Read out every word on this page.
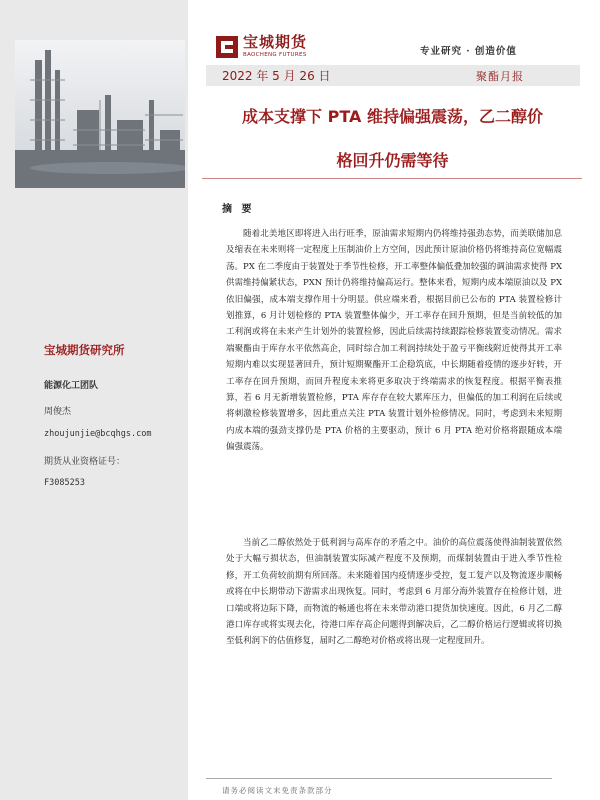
宝城期货研究所
能源化工团队
周俊杰
zhoujunjie@bcqhgs.com
期货从业资格证号：
F3085253
宝城期货
BAOCHENG FUTURES	专业研究 · 创造价值
2022 年 5 月 26 日	聚酯月报
成本支撑下 PTA 维持偏强震荡，乙二醇价
格回升仍需等待
摘 要

随着北美地区即将进入出行旺季，原油需求短期内仍将维持强劲态势，而美联储加息及缩表在未来则将一定程度上压制油价上方空间，因此预计原油价格仍将维持高位宽幅震荡。PX 在二季度由于装置处于季节性检修，开工率整体偏低叠加较强的调油需求使得 PX 供需维持偏紧状态，PXN 预计仍将维持偏高运行。整体来看，短期内成本端原油以及 PX 依旧偏强，成本端支撑作用十分明显。供应端来看，根据目前已公布的 PTA 装置检修计划推算，6 月计划检修的 PTA 装置整体偏少，开工率存在回升预期，但是当前较低的加工利润或将在未来产生计划外的装置检修，因此后续需持续跟踪检修装置变动情况。需求端聚酯由于库存水平依然高企，同时综合加工利润持续处于盈亏平衡线附近使得其开工率短期内难以实现显著回升，预计短期聚酯开工企稳筑底，中长期随着疫情的逐步好转，开工率存在回升预期，而回升程度未来将更多取决于终端需求的恢复程度。根据平衡表推算，若 6 月无新增装置检修，PTA 库存存在较大累库压力，但偏低的加工利润在后续或将刺激检修装置增多，因此重点关注 PTA 装置计划外检修情况。同时，考虑到未来短期内成本端的强劲支撑仍是 PTA 价格的主要驱动，预计 6 月 PTA 绝对价格将跟随成本端偏强震荡。

当前乙二醇依然处于低利润与高库存的矛盾之中。油价的高位震荡使得油制装置依然处于大幅亏损状态，但油制装置实际减产程度不及预期，而煤制装置由于进入季节性检修，开工负荷较前期有所回落。未来随着国内疫情逐步受控，复工复产以及物流逐步顺畅或将在中长期带动下游需求出现恢复。同时，考虑到 6 月部分海外装置存在检修计划，进口端或将边际下降，而物流的畅通也将在未来带动港口提货加快速度。因此，6 月乙二醇港口库存或将实现去化，待港口库存高企问题得到解决后，乙二醇价格运行逻辑或将切换至低利润下的估值修复，届时乙二醇绝对价格或将出现一定程度回升。

请务必阅读文末免责条款部分
